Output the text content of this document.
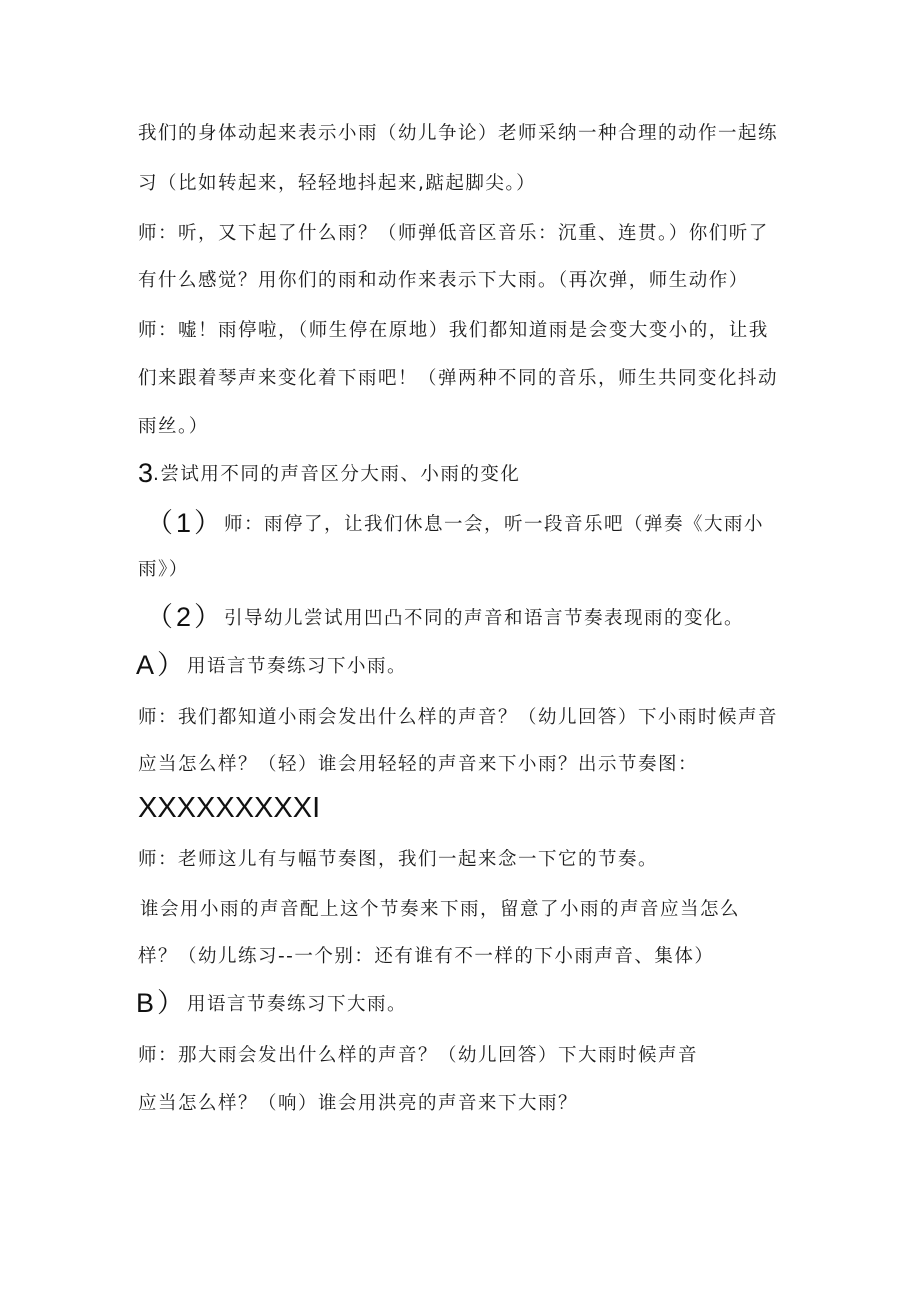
我们的身体动起来表示小雨（幼儿争论）老师采纳一种合理的动作一起练
习（比如转起来，轻轻地抖起来,踮起脚尖。）
师：听，又下起了什么雨？（师弹低音区音乐：沉重、连贯。）你们听了
有什么感觉？用你们的雨和动作来表示下大雨。（再次弹，师生动作）
师：嘘！雨停啦，（师生停在原地）我们都知道雨是会变大变小的，让我
们来跟着琴声来变化着下雨吧！（弹两种不同的音乐，师生共同变化抖动
雨丝。）
3.尝试用不同的声音区分大雨、小雨的变化
（1）师：雨停了，让我们休息一会，听一段音乐吧（弹奏《大雨小
雨》）
（2）引导幼儿尝试用凹凸不同的声音和语言节奏表现雨的变化。
A）用语言节奏练习下小雨。
师：我们都知道小雨会发出什么样的声音？（幼儿回答）下小雨时候声音
应当怎么样？（轻）谁会用轻轻的声音来下小雨？出示节奏图：
XXXXXXXXXI
师：老师这儿有与幅节奏图，我们一起来念一下它的节奏。
谁会用小雨的声音配上这个节奏来下雨，留意了小雨的声音应当怎么
样？（幼儿练习--一个别：还有谁有不一样的下小雨声音、集体）
B）用语言节奏练习下大雨。
师：那大雨会发出什么样的声音？（幼儿回答）下大雨时候声音
应当怎么样？（响）谁会用洪亮的声音来下大雨？
